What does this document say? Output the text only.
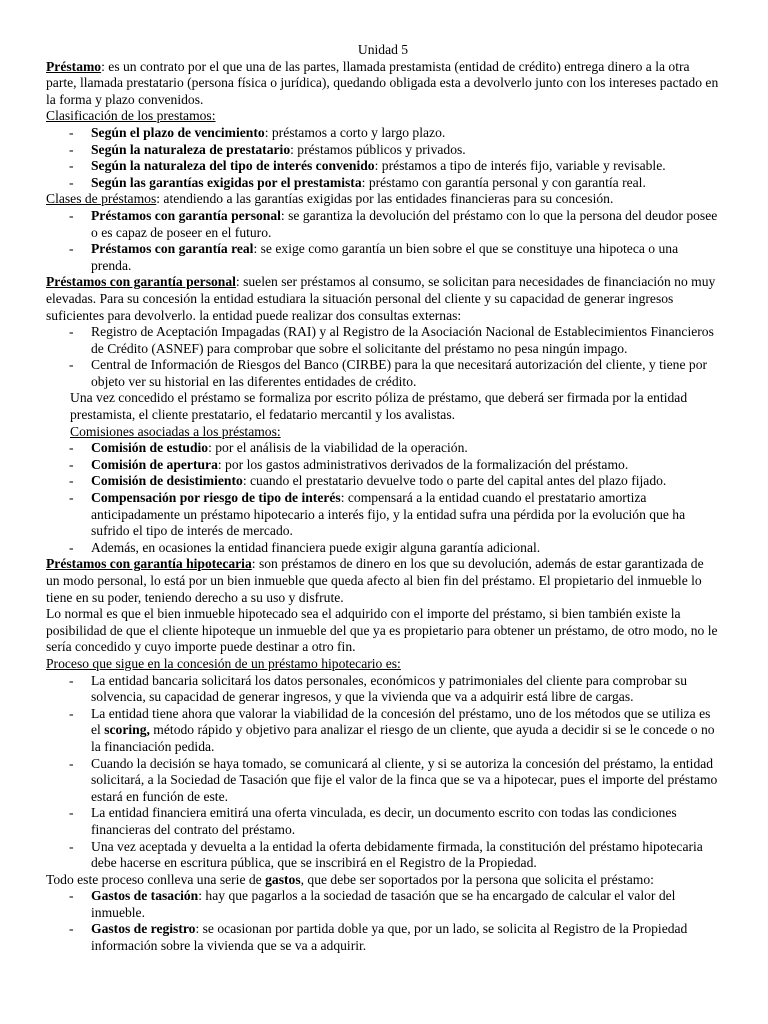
Unidad 5

Préstamo: es un contrato por el que una de las partes, llamada prestamista (entidad de crédito) entrega dinero a la otra parte, llamada prestatario (persona física o jurídica), quedando obligada esta a devolverlo junto con los intereses pactado en la forma y plazo convenidos.

Clasificación de los prestamos:

- Según el plazo de vencimiento: préstamos a corto y largo plazo.
- Según la naturaleza de prestatario: préstamos públicos y privados.
- Según la naturaleza del tipo de interés convenido: préstamos a tipo de interés fijo, variable y revisable.
- Según las garantías exigidas por el prestamista: préstamo con garantía personal y con garantía real.

Clases de préstamos: atendiendo a las garantías exigidas por las entidades financieras para su concesión.

- Préstamos con garantía personal: se garantiza la devolución del préstamo con lo que la persona del deudor posee o es capaz de poseer en el futuro.
- Préstamos con garantía real: se exige como garantía un bien sobre el que se constituye una hipoteca o una prenda.

Préstamos con garantía personal: suelen ser préstamos al consumo, se solicitan para necesidades de financiación no muy elevadas. Para su concesión la entidad estudiara la situación personal del cliente y su capacidad de generar ingresos suficientes para devolverlo. la entidad puede realizar dos consultas externas:

- Registro de Aceptación Impagadas (RAI) y al Registro de la Asociación Nacional de Establecimientos Financieros de Crédito (ASNEF) para comprobar que sobre el solicitante del préstamo no pesa ningún impago.
- Central de Información de Riesgos del Banco (CIRBE) para la que necesitará autorización del cliente, y tiene por objeto ver su historial en las diferentes entidades de crédito.

Una vez concedido el préstamo se formaliza por escrito póliza de préstamo, que deberá ser firmada por la entidad prestamista, el cliente prestatario, el fedatario mercantil y los avalistas.

Comisiones asociadas a los préstamos:

- Comisión de estudio: por el análisis de la viabilidad de la operación.
- Comisión de apertura: por los gastos administrativos derivados de la formalización del préstamo.
- Comisión de desistimiento: cuando el prestatario devuelve todo o parte del capital antes del plazo fijado.
- Compensación por riesgo de tipo de interés: compensará a la entidad cuando el prestatario amortiza anticipadamente un préstamo hipotecario a interés fijo, y la entidad sufra una pérdida por la evolución que ha sufrido el tipo de interés de mercado.
- Además, en ocasiones la entidad financiera puede exigir alguna garantía adicional.

Préstamos con garantía hipotecaria: son préstamos de dinero en los que su devolución, además de estar garantizada de un modo personal, lo está por un bien inmueble que queda afecto al bien fin del préstamo. El propietario del inmueble lo tiene en su poder, teniendo derecho a su uso y disfrute.

Lo normal es que el bien inmueble hipotecado sea el adquirido con el importe del préstamo, si bien también existe la posibilidad de que el cliente hipoteque un inmueble del que ya es propietario para obtener un préstamo, de otro modo, no le sería concedido y cuyo importe puede destinar a otro fin.

Proceso que sigue en la concesión de un préstamo hipotecario es:

- La entidad bancaria solicitará los datos personales, económicos y patrimoniales del cliente para comprobar su solvencia, su capacidad de generar ingresos, y que la vivienda que va a adquirir está libre de cargas.
- La entidad tiene ahora que valorar la viabilidad de la concesión del préstamo, uno de los métodos que se utiliza es el scoring, método rápido y objetivo para analizar el riesgo de un cliente, que ayuda a decidir si se le concede o no la financiación pedida.
- Cuando la decisión se haya tomado, se comunicará al cliente, y si se autoriza la concesión del préstamo, la entidad solicitará, a la Sociedad de Tasación que fije el valor de la finca que se va a hipotecar, pues el importe del préstamo estará en función de este.
- La entidad financiera emitirá una oferta vinculada, es decir, un documento escrito con todas las condiciones financieras del contrato del préstamo.
- Una vez aceptada y devuelta a la entidad la oferta debidamente firmada, la constitución del préstamo hipotecaria debe hacerse en escritura pública, que se inscribirá en el Registro de la Propiedad.

Todo este proceso conlleva una serie de gastos, que debe ser soportados por la persona que solicita el préstamo:

- Gastos de tasación: hay que pagarlos a la sociedad de tasación que se ha encargado de calcular el valor del inmueble.
- Gastos de registro: se ocasionan por partida doble ya que, por un lado, se solicita al Registro de la Propiedad información sobre la vivienda que se va a adquirir.
